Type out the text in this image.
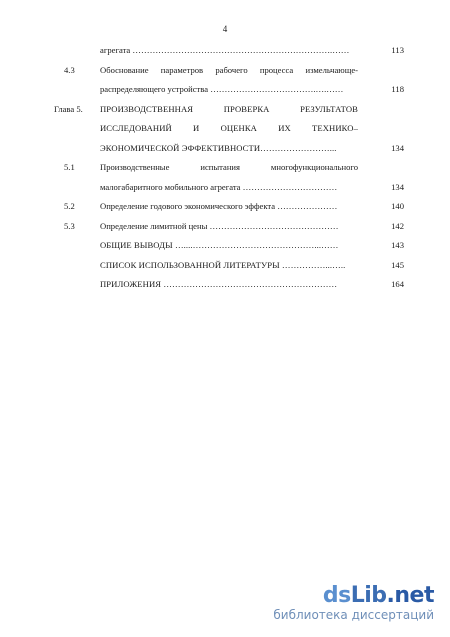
4
агрегата …………………………………………………………….……	113
4.3	Обоснование параметров рабочего процесса измельчающе-
распределяющего устройства ……………………………….….……	118
Глава 5.	ПРОИЗВОДСТВЕННАЯ ПРОВЕРКА РЕЗУЛЬТАТОВ
ИССЛЕДОВАНИЙ И ОЦЕНКА ИХ ТЕХНИКО–
ЭКОНОМИЧЕСКОЙ ЭФФЕКТИВНОСТИ……………………...	134
5.1	Производственные испытания многофункционального
малогабаритного мобильного агрегата ……………………………	134
5.2	Определение годового экономического эффекта …………………	140
5.3	Определение лимитной цены ………………………………………	142
ОБЩИЕ ВЫВОДЫ …....……………………………………...……	143
СПИСОК ИСПОЛЬЗОВАННОЙ ЛИТЕРАТУРЫ ……………...…..	145
ПРИЛОЖЕНИЯ ……………………………………………………	164
dsLib.net
библиотека диссертаций
